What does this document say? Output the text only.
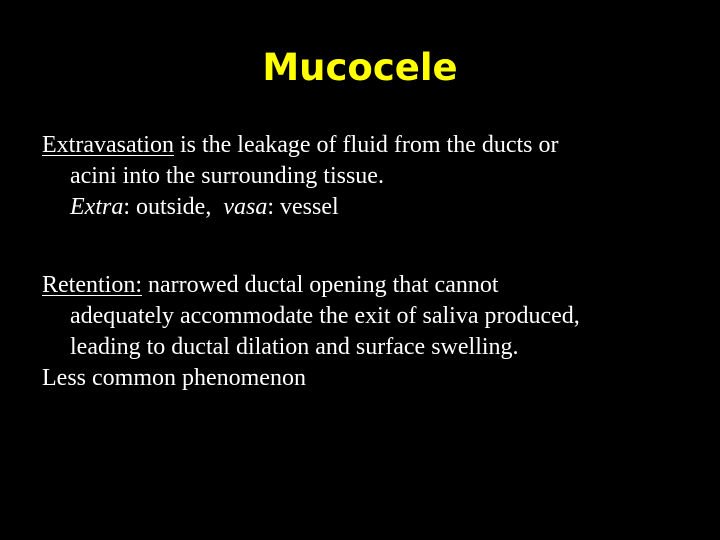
Mucocele
Extravasation is the leakage of fluid from the ducts or
acini into the surrounding tissue.
Extra: outside, vasa: vessel
Retention: narrowed ductal opening that cannot
adequately accommodate the exit of saliva produced,
leading to ductal dilation and surface swelling.
Less common phenomenon
